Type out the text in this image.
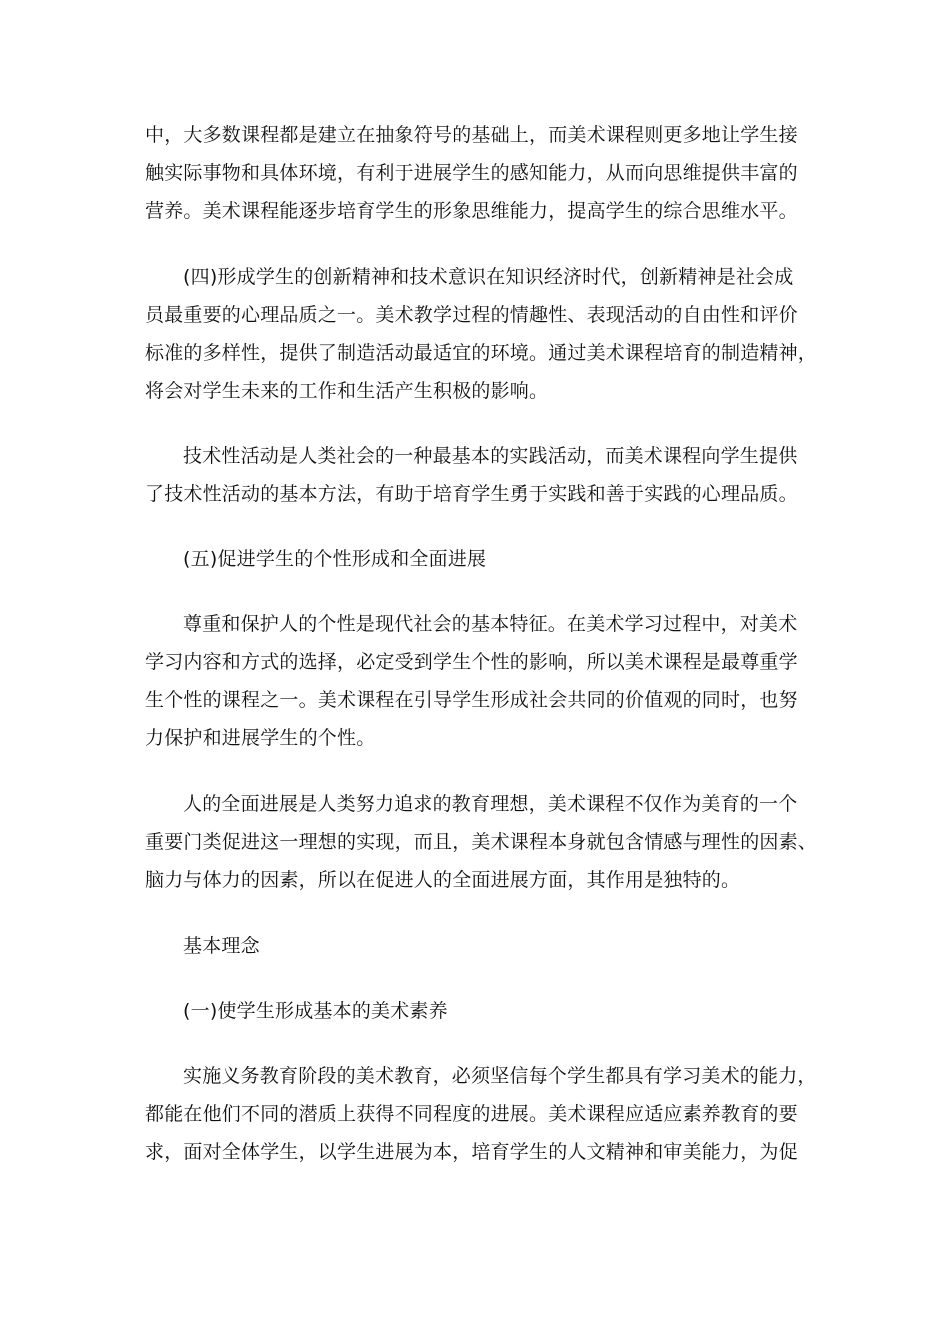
中，大多数课程都是建立在抽象符号的基础上，而美术课程则更多地让学生接
触实际事物和具体环境，有利于进展学生的感知能力，从而向思维提供丰富的
营养。美术课程能逐步培育学生的形象思维能力，提高学生的综合思维水平。
(四)形成学生的创新精神和技术意识在知识经济时代，创新精神是社会成
员最重要的心理品质之一。美术教学过程的情趣性、表现活动的自由性和评价
标准的多样性，提供了制造活动最适宜的环境。通过美术课程培育的制造精神，
将会对学生未来的工作和生活产生积极的影响。
技术性活动是人类社会的一种最基本的实践活动，而美术课程向学生提供
了技术性活动的基本方法，有助于培育学生勇于实践和善于实践的心理品质。
(五)促进学生的个性形成和全面进展
尊重和保护人的个性是现代社会的基本特征。在美术学习过程中，对美术
学习内容和方式的选择，必定受到学生个性的影响，所以美术课程是最尊重学
生个性的课程之一。美术课程在引导学生形成社会共同的价值观的同时，也努
力保护和进展学生的个性。
人的全面进展是人类努力追求的教育理想，美术课程不仅作为美育的一个
重要门类促进这一理想的实现，而且，美术课程本身就包含情感与理性的因素、
脑力与体力的因素，所以在促进人的全面进展方面，其作用是独特的。
基本理念
(一)使学生形成基本的美术素养
实施义务教育阶段的美术教育，必须坚信每个学生都具有学习美术的能力，
都能在他们不同的潜质上获得不同程度的进展。美术课程应适应素养教育的要
求，面对全体学生，以学生进展为本，培育学生的人文精神和审美能力，为促
